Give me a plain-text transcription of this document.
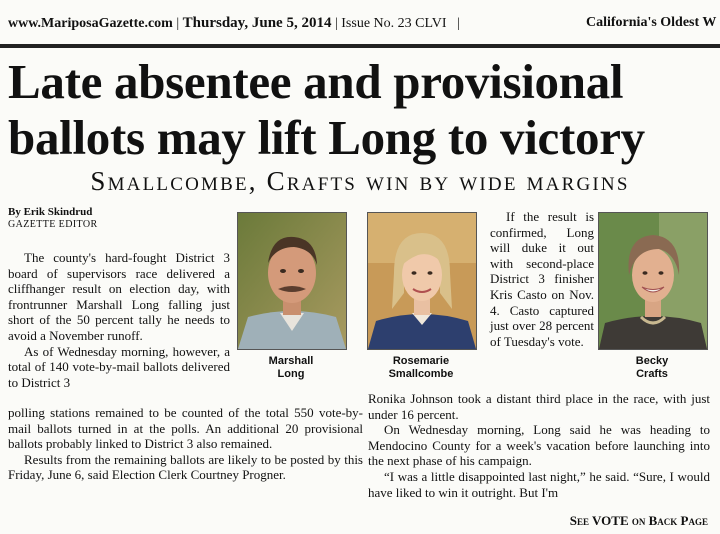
www.MariposaGazette.com | Thursday, June 5, 2014 | Issue No. 23 CLVI |	California's Oldest W
Late absentee and provisional
ballots may lift Long to victory
Smallcombe, Crafts win by wide margins
By Erik Skindrud
GAZETTE EDITOR

The county's hard-fought District 3 board of supervisors race delivered a cliffhanger result on election day, with frontrunner Marshall Long falling just short of the 50 percent tally he needs to avoid a November runoff.

As of Wednesday morning, however, a total of 140 vote-by-mail ballots delivered to District 3

Marshall
Long
Rosemarie
Smallcombe

If the result is confirmed, Long will duke it out with second-place District 3 finisher Kris Casto on Nov. 4. Casto captured just over 28 percent of Tuesday's vote.

Becky
Crafts

polling stations remained to be counted of the total 550 vote-by-mail ballots turned in at the polls. An additional 20 provisional ballots probably linked to District 3 also remained.

Results from the remaining ballots are likely to be posted by this Friday, June 6, said Election Clerk Courtney Progner.

Ronika Johnson took a distant third place in the race, with just under 16 percent.

On Wednesday morning, Long said he was heading to Mendocino County for a week's vacation before launching into the next phase of his campaign.

“I was a little disappointed last night,” he said. “Sure, I would have liked to win it outright. But I'm

See VOTE on Back Page
